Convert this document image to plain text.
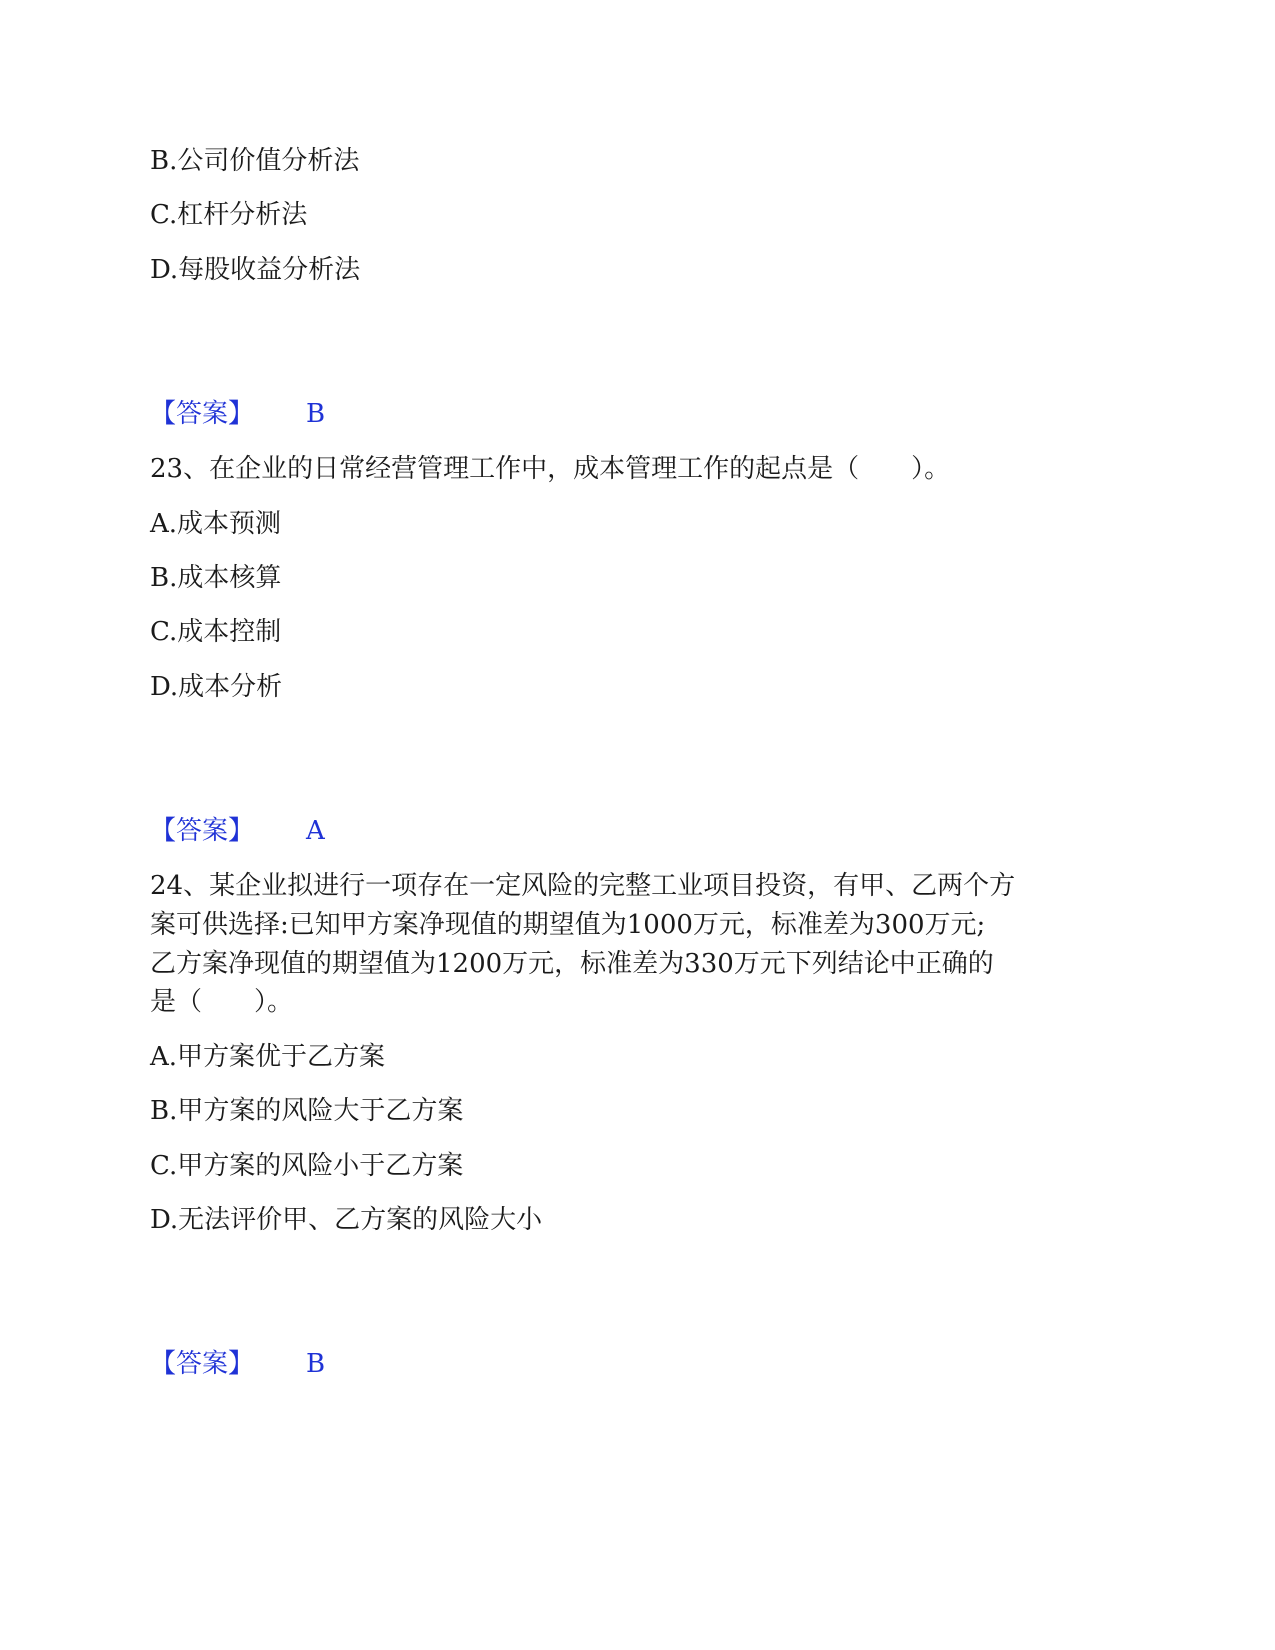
B.公司价值分析法
C.杠杆分析法
D.每股收益分析法
【答案】 B
23、在企业的日常经营管理工作中，成本管理工作的起点是（　　）。
A.成本预测
B.成本核算
C.成本控制
D.成本分析
【答案】 A
24、某企业拟进行一项存在一定风险的完整工业项目投资，有甲、乙两个方
案可供选择:已知甲方案净现值的期望值为1000万元，标准差为300万元;
乙方案净现值的期望值为1200万元，标准差为330万元下列结论中正确的
是（　　）。
A.甲方案优于乙方案
B.甲方案的风险大于乙方案
C.甲方案的风险小于乙方案
D.无法评价甲、乙方案的风险大小
【答案】 B
